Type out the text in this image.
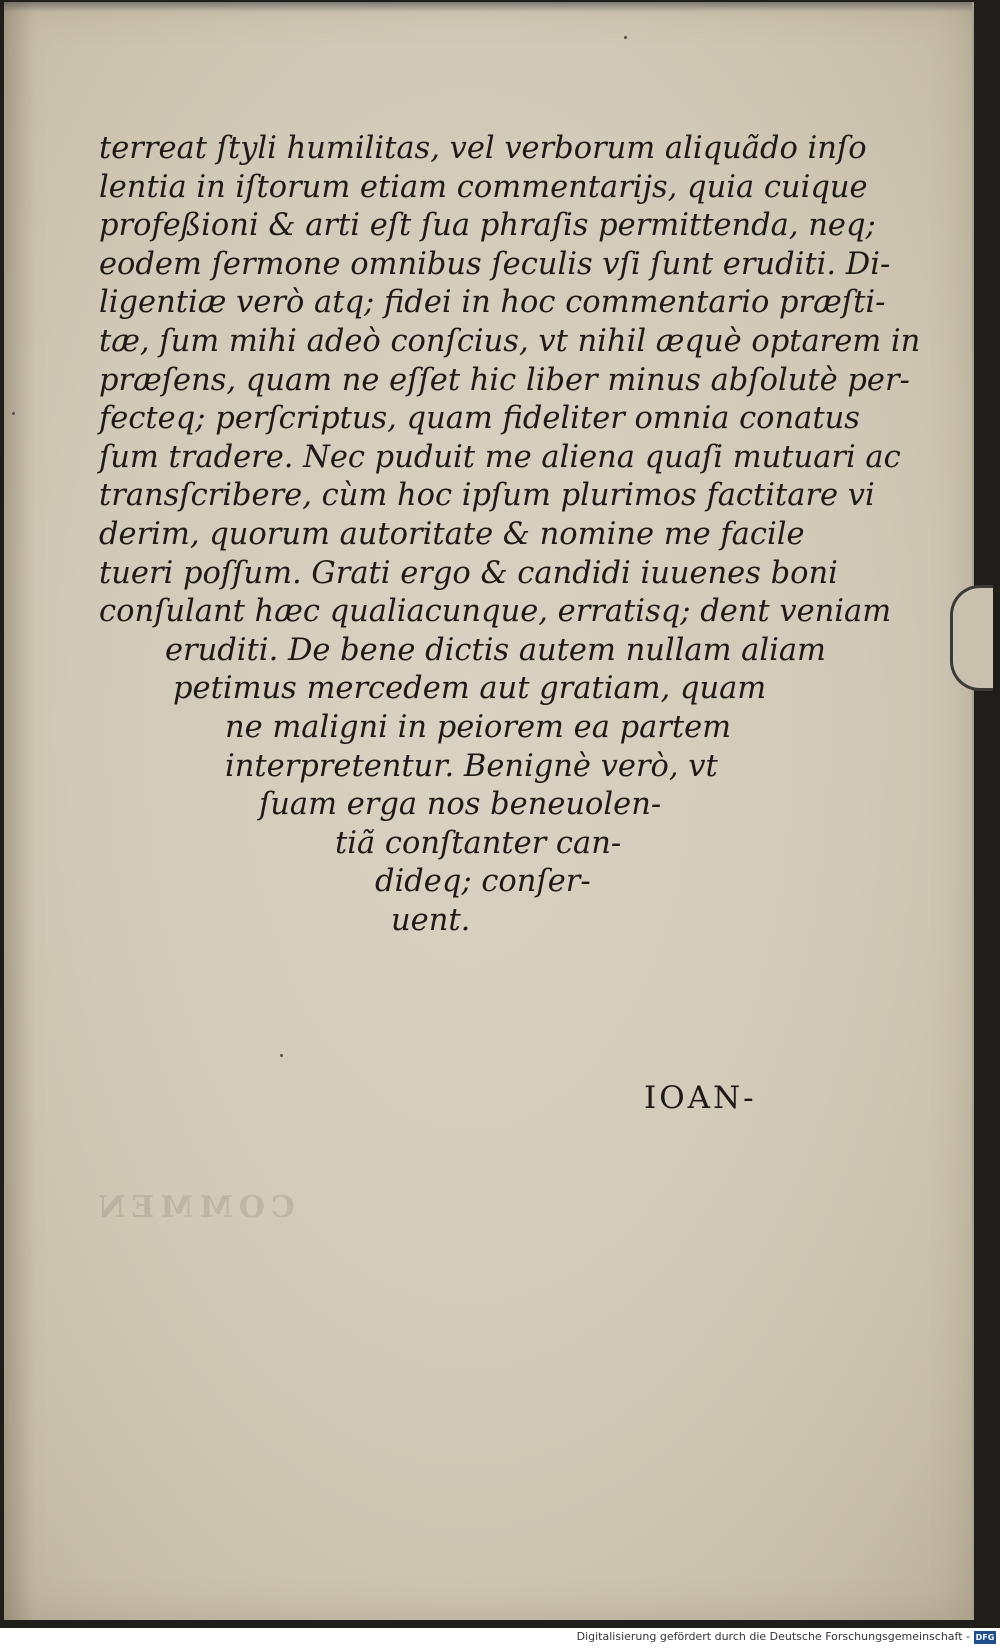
COMMEN
terreat ſtyli humilitas, vel verborum aliquãdo inſo
lentia in iſtorum etiam commentarijs, quia cuique
profeßioni & arti eſt ſua phraſis permittenda, neq;
eodem ſermone omnibus ſeculis vſi ſunt eruditi. Di-
ligentiæ verò atq; fidei in hoc commentario præſti-
tæ, ſum mihi adeò conſcius, vt nihil æquè optarem in
præſens, quam ne eſſet hic liber minus abſolutè per-
fecteq; perſcriptus, quam fideliter omnia conatus
ſum tradere. Nec puduit me aliena quaſi mutuari ac
transſcribere, cùm hoc ipſum plurimos factitare vi
derim, quorum autoritate & nomine me facile
tueri poſſum. Grati ergo & candidi iuuenes boni
conſulant hæc qualiacunque, erratisq; dent veniam
eruditi. De bene dictis autem nullam aliam
petimus mercedem aut gratiam, quam
ne maligni in peiorem ea partem
interpretentur. Benignè verò, vt
ſuam erga nos beneuolen-
tiã conſtanter can-
dideq; conſer-
uent.
IOAN-
Digitalisierung gefördert durch die Deutsche Forschungsgemeinschaft - DFG
